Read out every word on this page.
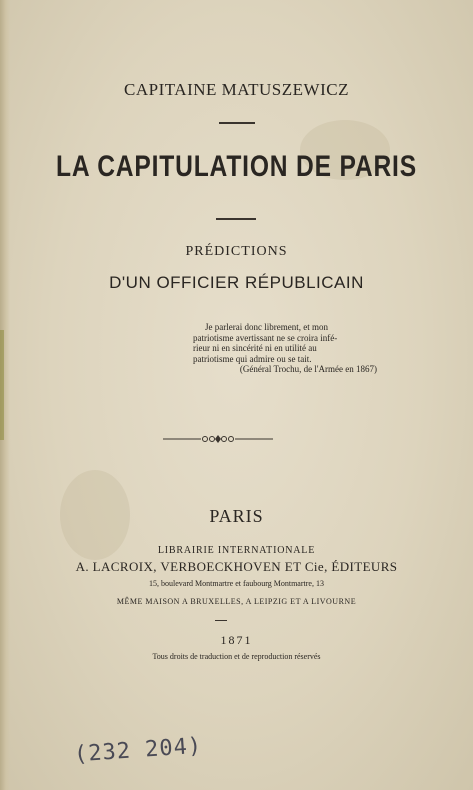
CAPITAINE MATUSZEWICZ
LA CAPITULATION DE PARIS
PRÉDICTIONS
D'UN OFFICIER RÉPUBLICAIN
Je parlerai donc librement, et mon
patriotisme avertissant ne se croira infé-
rieur ni en sincérité ni en utilité au
patriotisme qui admire ou se tait.
(Général Trochu, de l'Armée en 1867)
PARIS
LIBRAIRIE INTERNATIONALE
A. LACROIX, VERBOECKHOVEN ET Cie, ÉDITEURS
15, boulevard Montmartre et faubourg Montmartre, 13
MÊME MAISON A BRUXELLES, A LEIPZIG ET A LIVOURNE
1871
Tous droits de traduction et de reproduction réservés
(232 204)
